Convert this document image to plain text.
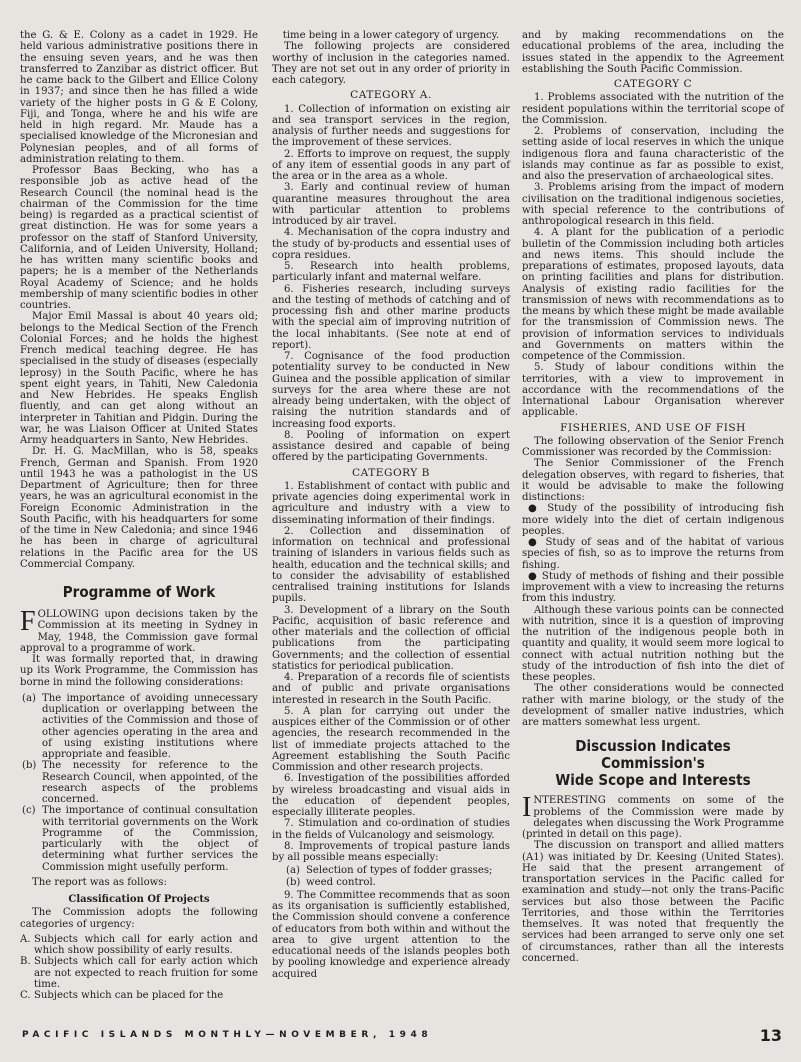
the G. & E. Colony as a cadet in 1929. He held various administrative positions there in the ensuing seven years, and he was then transferred to Zanzibar as district officer. But he came back to the Gilbert and Ellice Colony in 1937; and since then he has filled a wide variety of the higher posts in G & E Colony, Fiji, and Tonga, where he and his wife are held in high regard. Mr. Maude has a specialised knowledge of the Micronesian and Polynesian peoples, and of all forms of administration relating to them.

Professor Baas Becking, who has a responsible job as active head of the Research Council (the nominal head is the chairman of the Commission for the time being) is regarded as a practical scientist of great distinction. He was for some years a professor on the staff of Stanford University, California, and of Leiden University, Holland; he has written many scientific books and papers; he is a member of the Netherlands Royal Academy of Science; and he holds membership of many scientific bodies in other countries.

Major Emil Massal is about 40 years old; belongs to the Medical Section of the French Colonial Forces; and he holds the highest French medical teaching degree. He has specialised in the study of diseases (especially leprosy) in the South Pacific, where he has spent eight years, in Tahiti, New Caledonia and New Hebrides. He speaks English fluently, and can get along without an interpreter in Tahitian and Pidgin. During the war, he was Liaison Officer at United States Army headquarters in Santo, New Hebrides.

Dr. H. G. MacMillan, who is 58, speaks French, German and Spanish. From 1920 until 1943 he was a pathologist in the US Department of Agriculture; then for three years, he was an agricultural economist in the Foreign Economic Administration in the South Pacific, with his headquarters for some of the time in New Caledonia; and since 1946 he has been in charge of agricultural relations in the Pacific area for the US Commercial Company.

Programme of Work

FOLLOWING upon decisions taken by the Commission at its meeting in Sydney in May, 1948, the Commission gave formal approval to a programme of work.

It was formally reported that, in drawing up its Work Programme, the Commission has borne in mind the following considerations:

(a) The importance of avoiding unnecessary duplication or overlapping between the activities of the Commission and those of other agencies operating in the area and of using existing institutions where appropriate and feasible.
(b) The necessity for reference to the Research Council, when appointed, of the research aspects of the problems concerned.
(c) The importance of continual consultation with territorial governments on the Work Programme of the Commission, particularly with the object of determining what further services the Commission might usefully perform.

The report was as follows:

Classification Of Projects

The Commission adopts the following categories of urgency:

A. Subjects which call for early action and which show possibility of early results.
B. Subjects which call for early action which are not expected to reach fruition for some time.
C. Subjects which can be placed for the

time being in a lower category of urgency.

The following projects are considered worthy of inclusion in the categories named. They are not set out in any order of priority in each category.

CATEGORY A.

1. Collection of information on existing air and sea transport services in the region, analysis of further needs and suggestions for the improvement of these services.

2. Efforts to improve on request, the supply of any item of essential goods in any part of the area or in the area as a whole.

3. Early and continual review of human quarantine measures throughout the area with particular attention to problems introduced by air travel.

4. Mechanisation of the copra industry and the study of by-products and essential uses of copra residues.

5. Research into health problems, particularly infant and maternal welfare.

6. Fisheries research, including surveys and the testing of methods of catching and of processing fish and other marine products with the special aim of improving nutrition of the local inhabitants. (See note at end of report).

7. Cognisance of the food production potentiality survey to be conducted in New Guinea and the possible application of similar surveys for the area where these are not already being undertaken, with the object of raising the nutrition standards and of increasing food exports.

8. Pooling of information on expert assistance desired and capable of being offered by the participating Governments.

CATEGORY B

1. Establishment of contact with public and private agencies doing experimental work in agriculture and industry with a view to disseminating information of their findings.

2. Collection and dissemination of information on technical and professional training of islanders in various fields such as health, education and the technical skills; and to consider the advisability of established centralised training institutions for Islands pupils.

3. Development of a library on the South Pacific, acquisition of basic reference and other materials and the collection of official publications from the participating Governments; and the collection of essential statistics for periodical publication.

4. Preparation of a records file of scientists and of public and private organisations interested in research in the South Pacific.

5. A plan for carrying out under the auspices either of the Commission or of other agencies, the research recommended in the list of immediate projects attached to the Agreement establishing the South Pacific Commission and other research projects.

6. Investigation of the possibilities afforded by wireless broadcasting and visual aids in the education of dependent peoples, especially illiterate peoples.

7. Stimulation and co-ordination of studies in the fields of Vulcanology and seismology.

8. Improvements of tropical pasture lands by all possible means especially:

(a) Selection of types of fodder grasses;
(b) weed control.

9. The Committee recommends that as soon as its organisation is sufficiently established, the Commission should convene a conference of educators from both within and without the area to give urgent attention to the educational needs of the islands peoples both by pooling knowledge and experience already acquired

and by making recommendations on the educational problems of the area, including the issues stated in the appendix to the Agreement establishing the South Pacific Commission.

CATEGORY C

1. Problems associated with the nutrition of the resident populations within the territorial scope of the Commission.

2. Problems of conservation, including the setting aside of local reserves in which the unique indigenous flora and fauna characteristic of the islands may continue as far as possible to exist, and also the preservation of archaeological sites.

3. Problems arising from the impact of modern civilisation on the traditional indigenous societies, with special reference to the contributions of anthropological research in this field.

4. A plant for the publication of a periodic bulletin of the Commission including both articles and news items. This should include the preparations of estimates, proposed layouts, data on printing facilities and plans for distribution. Analysis of existing radio facilities for the transmission of news with recommendations as to the means by which these might be made available for the transmission of Commission news. The provision of information services to individuals and Governments on matters within the competence of the Commission.

5. Study of labour conditions within the territories, with a view to improvement in accordance with the recommendations of the International Labour Organisation wherever applicable.

FISHERIES, AND USE OF FISH

The following observation of the Senior French Commissioner was recorded by the Commission:

The Senior Commissioner of the French delegation observes, with regard to fisheries, that it would be advisable to make the following distinctions:

● Study of the possibility of introducing fish more widely into the diet of certain indigenous peoples.

● Study of seas and of the habitat of various species of fish, so as to improve the returns from fishing.

● Study of methods of fishing and their possible improvement with a view to increasing the returns from this industry.

Although these various points can be connected with nutrition, since it is a question of improving the nutrition of the indigenous people both in quantity and quality, it would seem more logical to connect with actual nutrition nothing but the study of the introduction of fish into the diet of these peoples.

The other considerations would be connected rather with marine biology, or the study of the development of smaller native industries, which are matters somewhat less urgent.

Discussion Indicates Commission's
Wide Scope and Interests

INTERESTING comments on some of the problems of the Commission were made by delegates when discussing the Work Programme (printed in detail on this page).

The discussion on transport and allied matters (A1) was initiated by Dr. Keesing (United States). He said that the present arrangement of transportation services in the Pacific called for examination and study—not only the trans-Pacific services but also those between the Pacific Territories, and those within the Territories themselves. It was noted that frequently the services had been arranged to serve only one set of circumstances, rather than all the interests concerned.

PACIFIC ISLANDS MONTHLY—NOVEMBER, 1948	13
